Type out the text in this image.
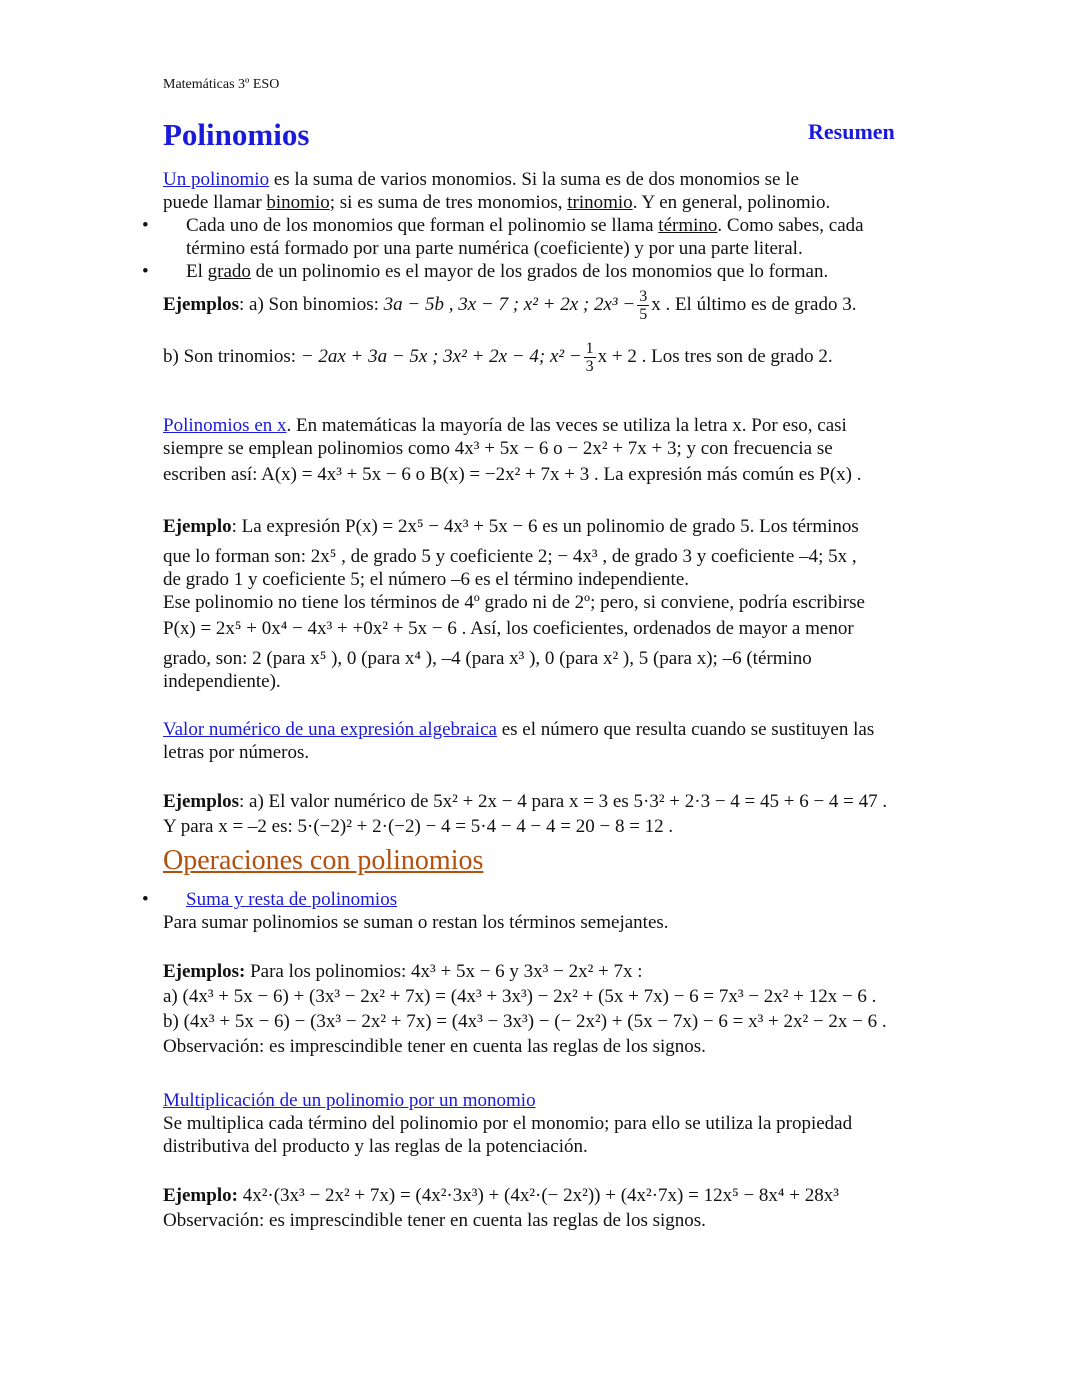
Matemáticas 3º ESO
Polinomios	Resumen
Un polinomio es la suma de varios monomios. Si la suma es de dos monomios se le
puede llamar binomio; si es suma de tres monomios, trinomio. Y en general, polinomio.
• Cada uno de los monomios que forman el polinomio se llama término. Como sabes, cada
término está formado por una parte numérica (coeficiente) y por una parte literal.
• El grado de un polinomio es el mayor de los grados de los monomios que lo forman.
Ejemplos: a) Son binomios: 3a − 5b , 3x − 7 ; x² + 2x ; $2x^3 - \frac{3}{5}$ x . El último es de grado 3.
b) Son trinomios: − 2ax + 3a − 5x ; 3x² + 2x − 4; $x^2 - \frac{1}{3}$ x + 2 . Los tres son de grado 2.
Polinomios en x. En matemáticas la mayoría de las veces se utiliza la letra x. Por eso, casi
siempre se emplean polinomios como 4x³ + 5x − 6 o − 2x² + 7x + 3; y con frecuencia se
escriben así: A(x) = 4x³ + 5x − 6 o B(x) = −2x² + 7x + 3 . La expresión más común es P(x) .
Ejemplo: La expresión P(x) = 2x⁵ − 4x³ + 5x − 6 es un polinomio de grado 5. Los términos
que lo forman son: 2x⁵ , de grado 5 y coeficiente 2; − 4x³ , de grado 3 y coeficiente –4; 5x ,
de grado 1 y coeficiente 5; el número –6 es el término independiente.
Ese polinomio no tiene los términos de 4º grado ni de 2º; pero, si conviene, podría escribirse
P(x) = 2x⁵ + 0x⁴ − 4x³ + +0x² + 5x − 6 . Así, los coeficientes, ordenados de mayor a menor
grado, son: 2 (para x⁵ ), 0 (para x⁴ ), –4 (para x³ ), 0 (para x² ), 5 (para x); –6 (término
independiente).
Valor numérico de una expresión algebraica es el número que resulta cuando se sustituyen las
letras por números.
Ejemplos: a) El valor numérico de 5x² + 2x − 4 para x = 3 es 5·3² + 2·3 − 4 = 45 + 6 − 4 = 47 .
Y para x = –2 es: 5·(−2)² + 2·(−2) − 4 = 5·4 − 4 − 4 = 20 − 8 = 12 .
Operaciones con polinomios
• Suma y resta de polinomios
Para sumar polinomios se suman o restan los términos semejantes.
Ejemplos: Para los polinomios: 4x³ + 5x − 6 y 3x³ − 2x² + 7x :
a) (4x³ + 5x − 6) + (3x³ − 2x² + 7x) = (4x³ + 3x³) − 2x² + (5x + 7x) − 6 = 7x³ − 2x² + 12x − 6 .
b) (4x³ + 5x − 6) − (3x³ − 2x² + 7x) = (4x³ − 3x³) − (− 2x²) + (5x − 7x) − 6 = x³ + 2x² − 2x − 6 .
Observación: es imprescindible tener en cuenta las reglas de los signos.
Multiplicación de un polinomio por un monomio
Se multiplica cada término del polinomio por el monomio; para ello se utiliza la propiedad
distributiva del producto y las reglas de la potenciación.
Ejemplo: 4x²·(3x³ − 2x² + 7x) = (4x²·3x³) + (4x²·(− 2x²)) + (4x²·7x) = 12x⁵ − 8x⁴ + 28x³
Observación: es imprescindible tener en cuenta las reglas de los signos.
